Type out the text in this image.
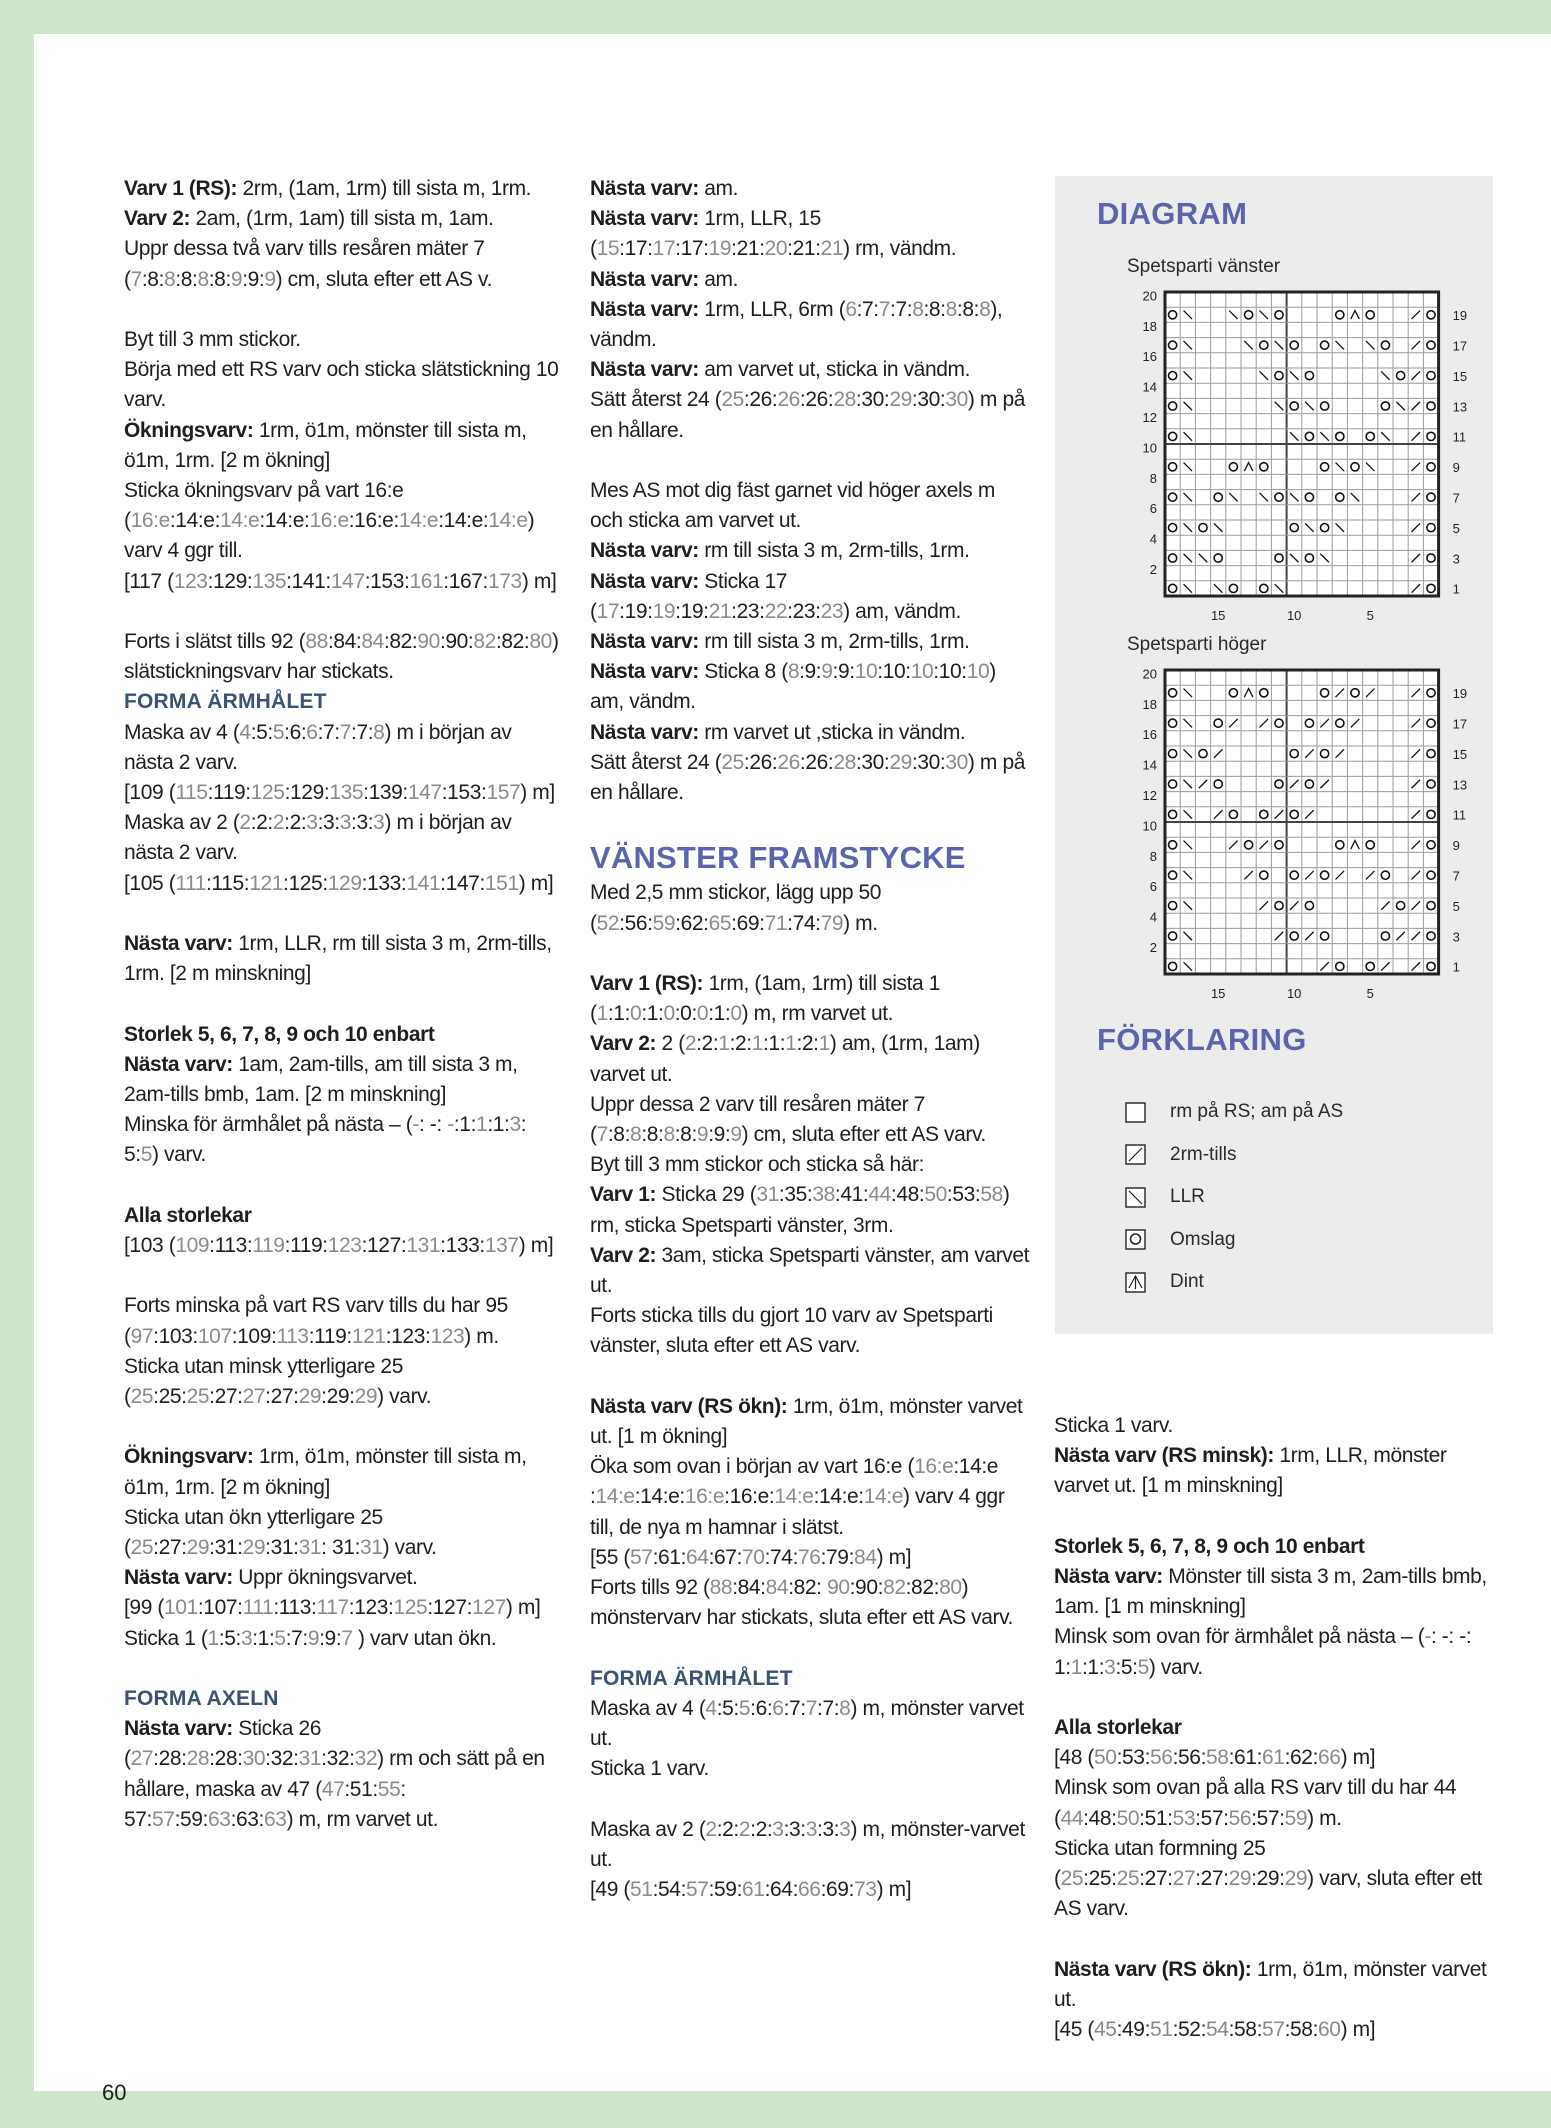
Varv 1 (RS): 2rm, (1am, 1rm) till sista m, 1rm.

Varv 2: 2am, (1rm, 1am) till sista m, 1am.

Uppr dessa två varv tills resåren mäter 7 (7:8:8:8:8:8:9:9:9) cm, sluta efter ett AS v.

Byt till 3 mm stickor.

Börja med ett RS varv och sticka slätstickning 10 varv.

Ökningsvarv: 1rm, ö1m, mönster till sista m, ö1m, 1rm. [2 m ökning]

Sticka ökningsvarv på vart 16:e (16:e:14:e:14:e:14:e:16:e:16:e:14:e:14:e:14:e) varv 4 ggr till.

[117 (123:129:135:141:147:153:161:167:173) m]

Forts i slätst tills 92 (88:84:84:82:90:90:82:82:80) slätstickningsvarv har stickats.

FORMA ÄRMHÅLET

Maska av 4 (4:5:5:6:6:7:7:7:8) m i början av nästa 2 varv.

[109 (115:119:125:129:135:139:147:153:157) m]

Maska av 2 (2:2:2:2:3:3:3:3:3) m i början av nästa 2 varv.

[105 (111:115:121:125:129:133:141:147:151) m]

Nästa varv: 1rm, LLR, rm till sista 3 m, 2rm-tills, 1rm. [2 m minskning]

Storlek 5, 6, 7, 8, 9 och 10 enbart

Nästa varv: 1am, 2am-tills, am till sista 3 m, 2am-tills bmb, 1am. [2 m minskning]

Minska för ärmhålet på nästa – (-: -: -:1:1:1:3: 5:5) varv.

Alla storlekar

[103 (109:113:119:119:123:127:131:133:137) m]

Forts minska på vart RS varv tills du har 95 (97:103:107:109:113:119:121:123:123) m.

Sticka utan minsk ytterligare 25 (25:25:25:27:27:27:29:29:29) varv.

Ökningsvarv: 1rm, ö1m, mönster till sista m, ö1m, 1rm. [2 m ökning]

Sticka utan ökn ytterligare 25 (25:27:29:31:29:31:31: 31:31) varv.

Nästa varv: Uppr ökningsvarvet.

[99 (101:107:111:113:117:123:125:127:127) m]

Sticka 1 (1:5:3:1:5:7:9:9:7 ) varv utan ökn.

FORMA AXELN

Nästa varv: Sticka 26 (27:28:28:28:30:32:31:32:32) rm och sätt på en hållare, maska av 47 (47:51:55: 57:57:59:63:63:63) m, rm varvet ut.

Nästa varv: am.

Nästa varv: 1rm, LLR, 15 (15:17:17:17:19:21:20:21:21) rm, vändm.

Nästa varv: am.

Nästa varv: 1rm, LLR, 6rm (6:7:7:7:8:8:8:8:8), vändm.

Nästa varv: am varvet ut, sticka in vändm.

Sätt återst 24 (25:26:26:26:28:30:29:30:30) m på en hållare.

Mes AS mot dig fäst garnet vid höger axels m och sticka am varvet ut.

Nästa varv: rm till sista 3 m, 2rm-tills, 1rm.

Nästa varv: Sticka 17 (17:19:19:19:21:23:22:23:23) am, vändm.

Nästa varv: rm till sista 3 m, 2rm-tills, 1rm.

Nästa varv: Sticka 8 (8:9:9:9:10:10:10:10:10) am, vändm.

Nästa varv: rm varvet ut ,sticka in vändm.

Sätt återst 24 (25:26:26:26:28:30:29:30:30) m på en hållare.

VÄNSTER FRAMSTYCKE

Med 2,5 mm stickor, lägg upp 50 (52:56:59:62:65:69:71:74:79) m.

Varv 1 (RS): 1rm, (1am, 1rm) till sista 1 (1:1:0:1:0:0:0:1:0) m, rm varvet ut.

Varv 2: 2 (2:2:1:2:1:1:1:2:1) am, (1rm, 1am) varvet ut.

Uppr dessa 2 varv till resåren mäter 7 (7:8:8:8:8:8:9:9:9) cm, sluta efter ett AS varv.

Byt till 3 mm stickor och sticka så här:

Varv 1: Sticka 29 (31:35:38:41:44:48:50:53:58) rm, sticka Spetsparti vänster, 3rm.

Varv 2: 3am, sticka Spetsparti vänster, am varvet ut.

Forts sticka tills du gjort 10 varv av Spetsparti vänster, sluta efter ett AS varv.

Nästa varv (RS ökn): 1rm, ö1m, mönster varvet ut. [1 m ökning]

Öka som ovan i början av vart 16:e (16:e:14:e :14:e:14:e:16:e:16:e:14:e:14:e:14:e) varv 4 ggr till, de nya m hamnar i slätst.

[55 (57:61:64:67:70:74:76:79:84) m]

Forts tills 92 (88:84:84:82: 90:90:82:82:80) mönstervarv har stickats, sluta efter ett AS varv.

FORMA ÄRMHÅLET

Maska av 4 (4:5:5:6:6:7:7:7:8) m, mönster varvet ut.

Sticka 1 varv.

Maska av 2 (2:2:2:2:3:3:3:3:3) m, mönster-varvet ut.

[49 (51:54:57:59:61:64:66:69:73) m]

DIAGRAM
Spetsparti vänster
20
18
16
14
12
10
8
6
4
2
19
17
15
13
11
9
7
5
3
1
15	10	5
Spetsparti höger
20
18
16
14
12
10
8
6
4
2
19
17
15
13
11
9
7
5
3
1
15	10	5
FÖRKLARING
rm på RS; am på AS
2rm-tills
LLR
Omslag
Dint

Sticka 1 varv.

Nästa varv (RS minsk): 1rm, LLR, mönster varvet ut. [1 m minskning]

Storlek 5, 6, 7, 8, 9 och 10 enbart

Nästa varv: Mönster till sista 3 m, 2am-tills bmb, 1am. [1 m minskning]

Minsk som ovan för ärmhålet på nästa – (-: -: -: 1:1:1:3:5:5) varv.

Alla storlekar

[48 (50:53:56:56:58:61:61:62:66) m]

Minsk som ovan på alla RS varv till du har 44 (44:48:50:51:53:57:56:57:59) m.

Sticka utan formning 25 (25:25:25:27:27:27:29:29:29) varv, sluta efter ett AS varv.

Nästa varv (RS ökn): 1rm, ö1m, mönster varvet ut.

[45 (45:49:51:52:54:58:57:58:60) m]

60
